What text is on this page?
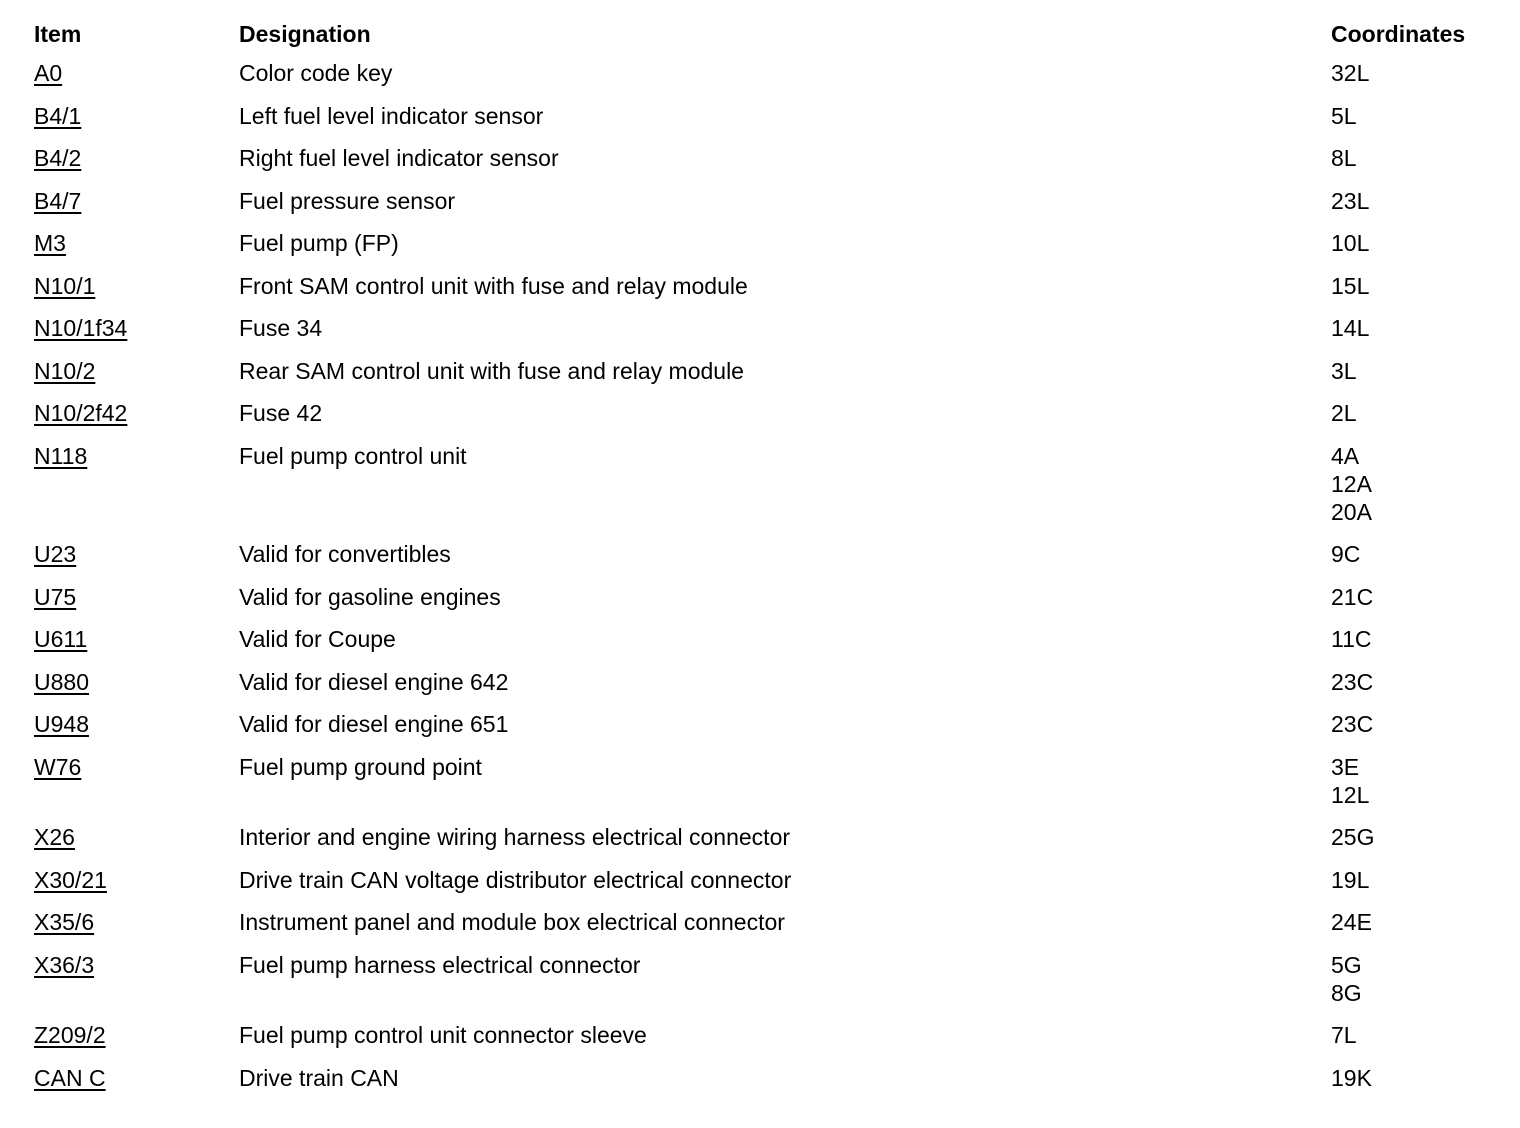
Item	Designation	Coordinates
A0	Color code key	32L

B4/1	Left fuel level indicator sensor	5L

B4/2	Right fuel level indicator sensor	8L

B4/7	Fuel pressure sensor	23L

M3	Fuel pump (FP)	10L

N10/1	Front SAM control unit with fuse and relay module	15L

N10/1f34	Fuse 34	14L

N10/2	Rear SAM control unit with fuse and relay module	3L

N10/2f42	Fuse 42	2L

N118	Fuel pump control unit	4A
12A
20A

U23	Valid for convertibles	9C

U75	Valid for gasoline engines	21C

U611	Valid for Coupe	11C

U880	Valid for diesel engine 642	23C

U948	Valid for diesel engine 651	23C

W76	Fuel pump ground point	3E
12L

X26	Interior and engine wiring harness electrical connector	25G

X30/21	Drive train CAN voltage distributor electrical connector	19L

X35/6	Instrument panel and module box electrical connector	24E

X36/3	Fuel pump harness electrical connector	5G
8G

Z209/2	Fuel pump control unit connector sleeve	7L

CAN C	Drive train CAN	19K
